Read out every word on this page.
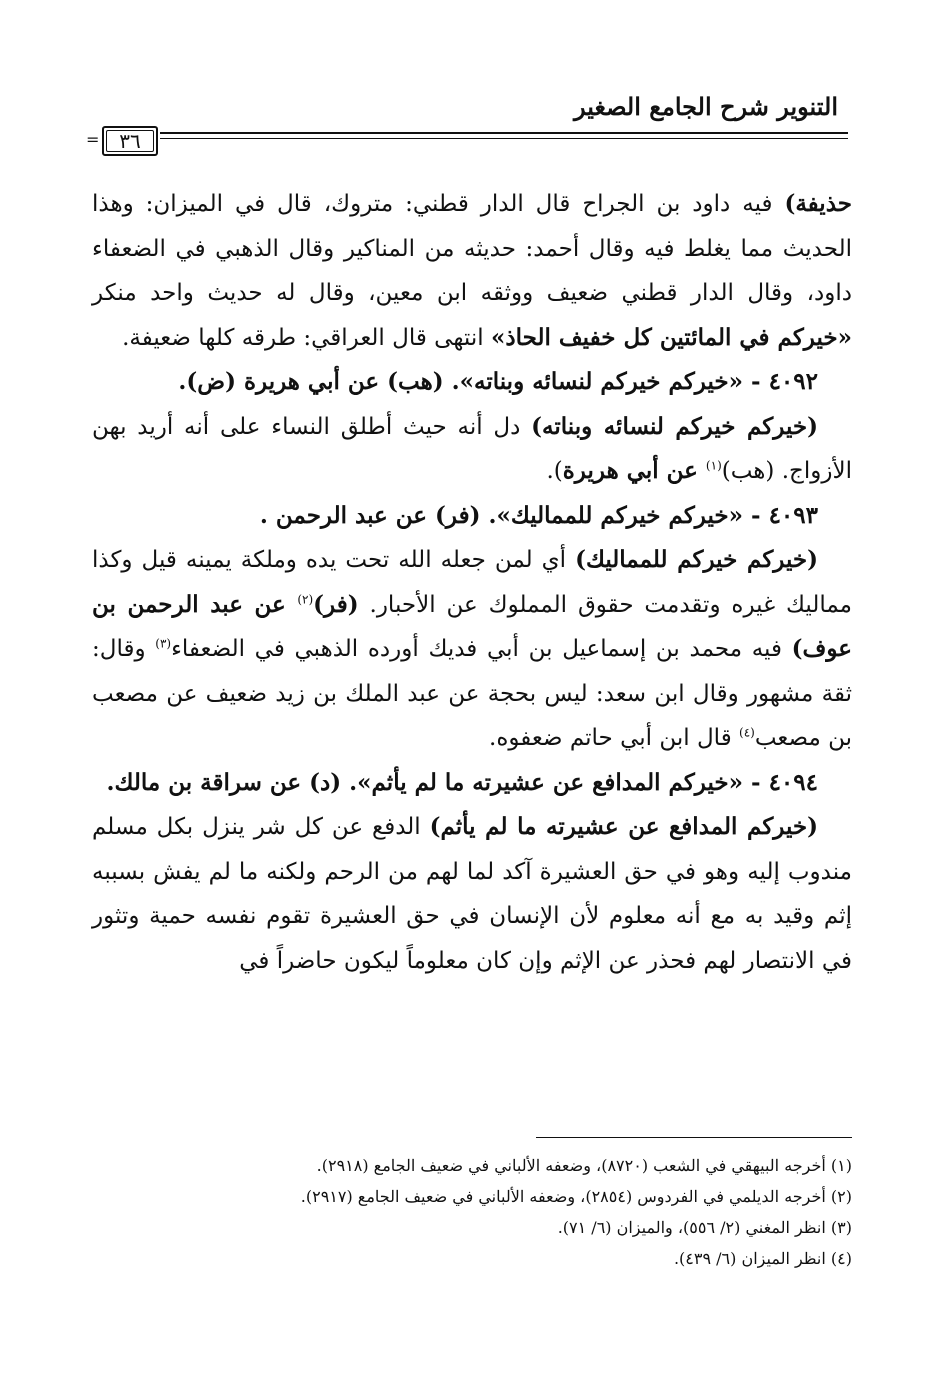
التنوير شرح الجامع الصغير
= ٣٦

حذيفة) فيه داود بن الجراح قال الدار قطني: متروك، قال في الميزان: وهذا الحديث مما يغلط فيه وقال أحمد: حديثه من المناكير وقال الذهبي في الضعفاء داود، وقال الدار قطني ضعيف ووثقه ابن معين، وقال له حديث واحد منكر «خيركم في المائتين كل خفيف الحاذ» انتهى قال العراقي: طرقه كلها ضعيفة.

٤٠٩٢ - «خيركم خيركم لنسائه وبناته». (هب) عن أبي هريرة (ض).

(خيركم خيركم لنسائه وبناته) دل أنه حيث أطلق النساء على أنه أريد بهن الأزواج. (هب)$^{(١)}$ عن أبي هريرة).

٤٠٩٣ - «خيركم خيركم للمماليك». (فر) عن عبد الرحمن .

(خيركم خيركم للمماليك) أي لمن جعله الله تحت يده وملكة يمينه قيل وكذا مماليك غيره وتقدمت حقوق المملوك عن الأحبار. (فر)$^{(٢)}$ عن عبد الرحمن بن عوف) فيه محمد بن إسماعيل بن أبي فديك أورده الذهبي في الضعفاء$^{(٣)}$ وقال: ثقة مشهور وقال ابن سعد: ليس بحجة عن عبد الملك بن زيد ضعيف عن مصعب بن مصعب$^{(٤)}$ قال ابن أبي حاتم ضعفوه.

٤٠٩٤ - «خيركم المدافع عن عشيرته ما لم يأثم». (د) عن سراقة بن مالك.

(خيركم المدافع عن عشيرته ما لم يأثم) الدفع عن كل شر ينزل بكل مسلم مندوب إليه وهو في حق العشيرة آكد لما لهم من الرحم ولكنه ما لم يفش بسببه إثم وقيد به مع أنه معلوم لأن الإنسان في حق العشيرة تقوم نفسه حمية وتثور في الانتصار لهم فحذر عن الإثم وإن كان معلوماً ليكون حاضراً في

(١) أخرجه البيهقي في الشعب (٨٧٢٠)، وضعفه الألباني في ضعيف الجامع (٢٩١٨).
(٢) أخرجه الديلمي في الفردوس (٢٨٥٤)، وضعفه الألباني في ضعيف الجامع (٢٩١٧).
(٣) انظر المغني (٢/ ٥٥٦)، والميزان (٦/ ٧١).
(٤) انظر الميزان (٦/ ٤٣٩).
